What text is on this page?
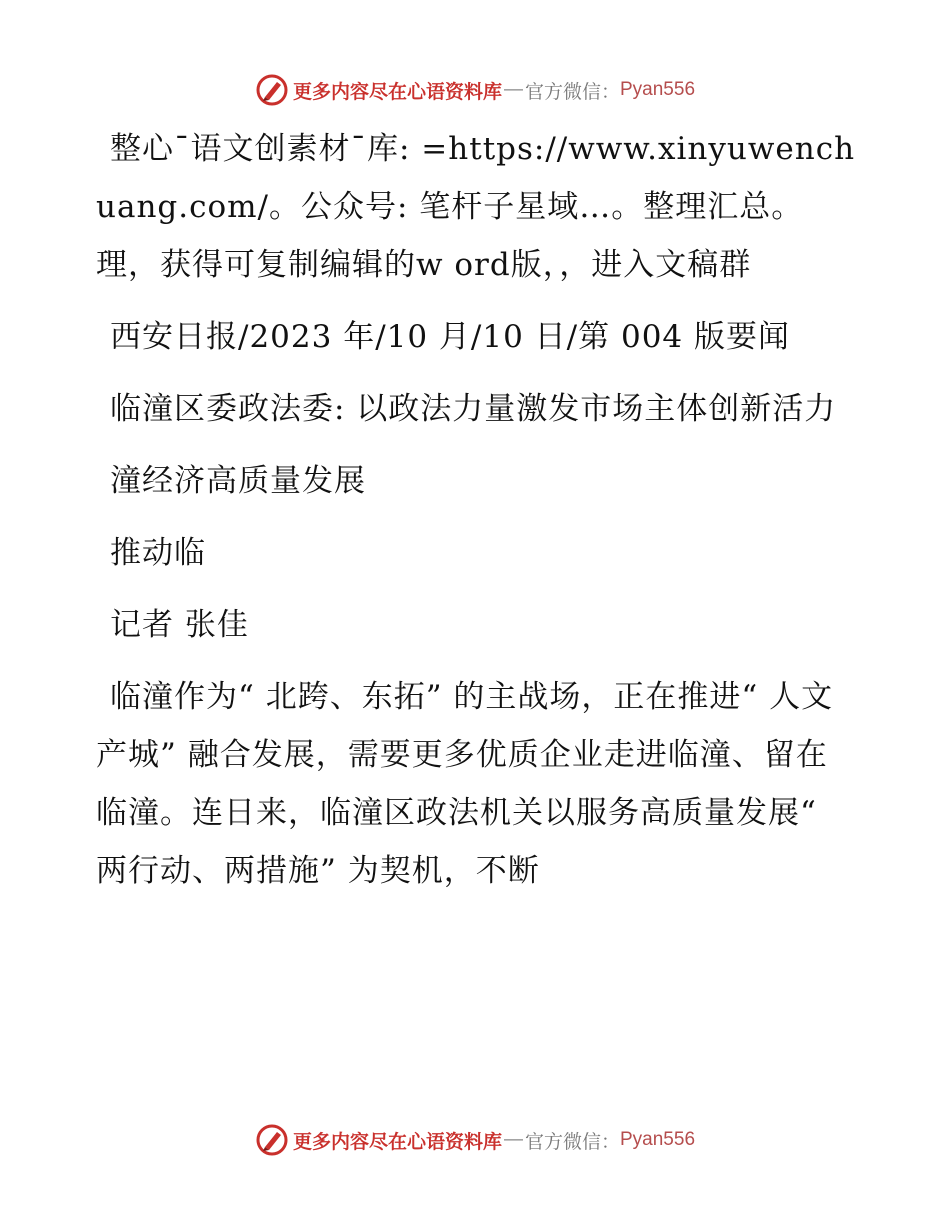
更多内容尽在心语资料库 — 官方微信： Pyan556

整心¯语文创素材¯库: =https://www.xinyuwenchuang.com/。公众号: 笔杆子星域…。整理汇总。理，获得可复制编辑的w ord版，，进入文稿群

西安日报/2023 年/10 月/10 日/第 004 版要闻

临潼区委政法委: 以政法力量激发市场主体创新活力

潼经济高质量发展

推动临

记者 张佳

临潼作为“ 北跨、东拓” 的主战场，正在推进“ 人文产城” 融合发展，需要更多优质企业走进临潼、留在临潼。连日来，临潼区政法机关以服务高质量发展“ 两行动、两措施” 为契机，不断

更多内容尽在心语资料库 — 官方微信： Pyan556
